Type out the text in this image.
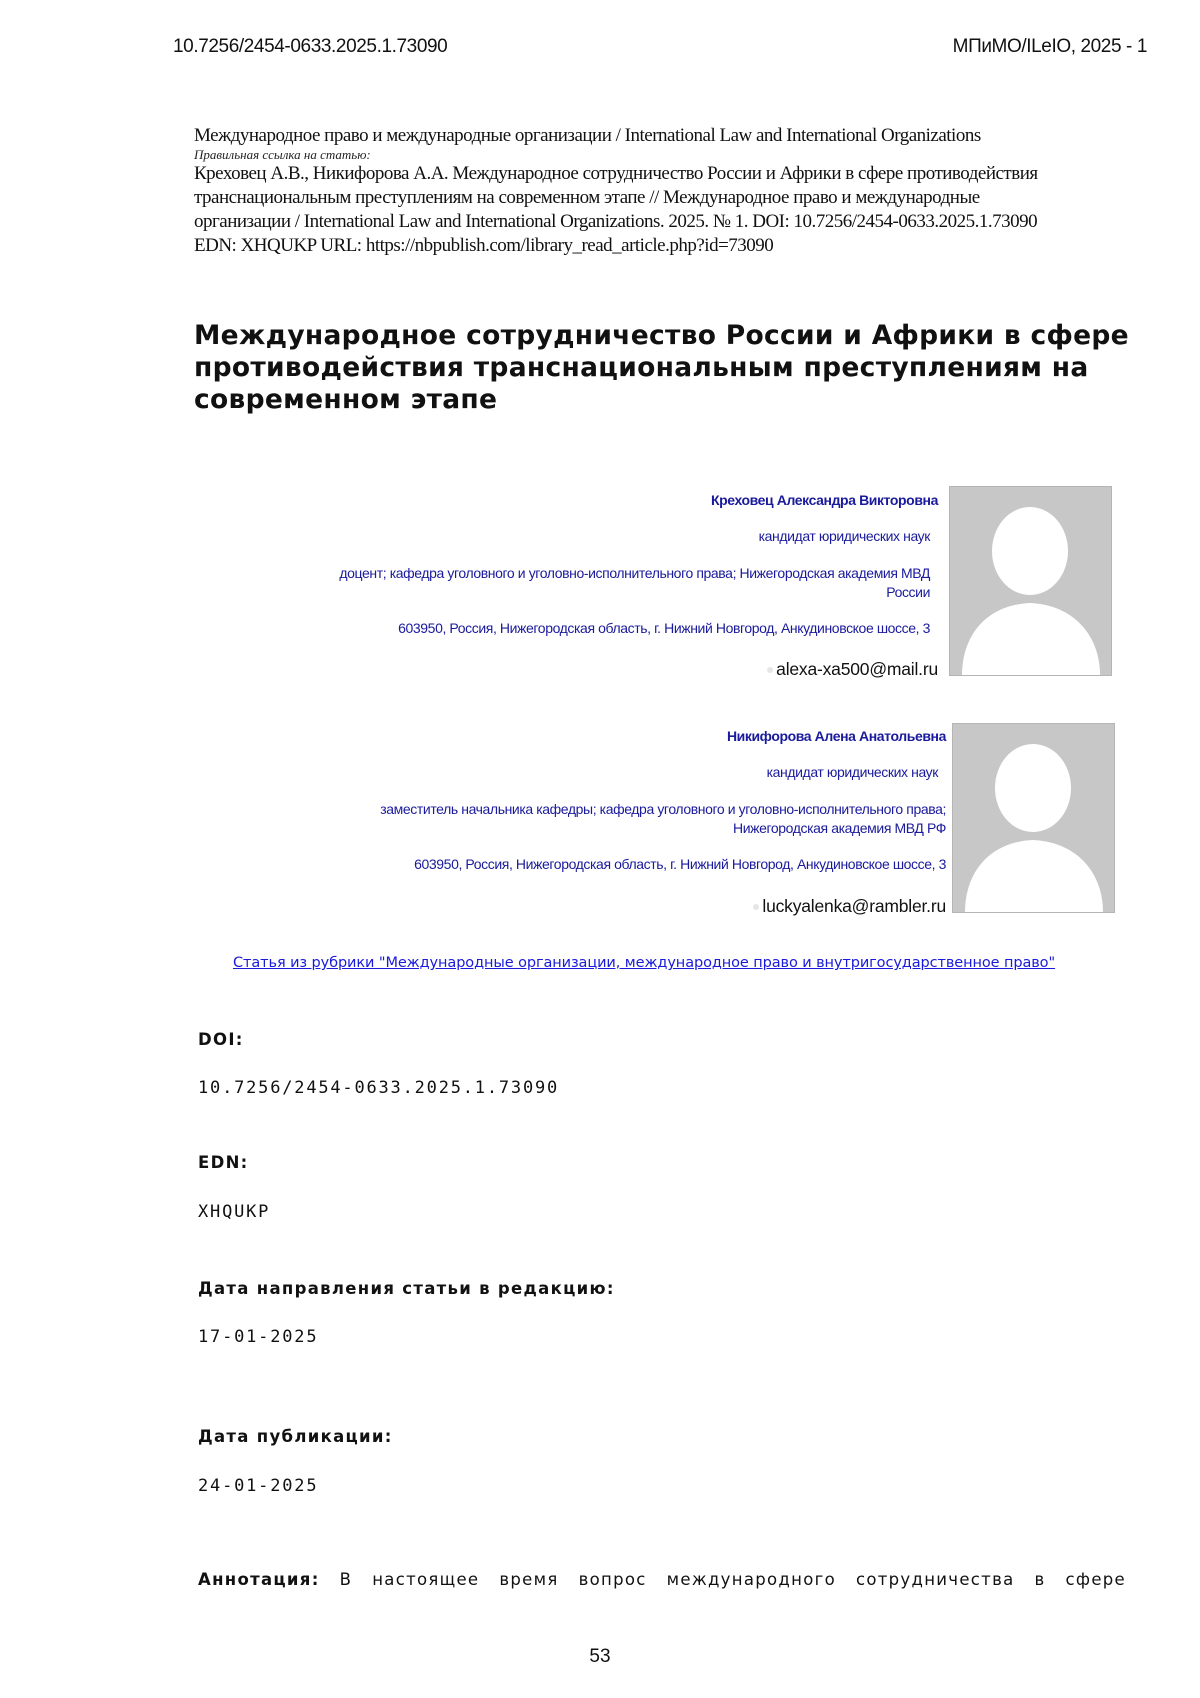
10.7256/2454-0633.2025.1.73090	МПиМО/ILeIO, 2025 - 1
Международное право и международные организации / International Law and International Organizations
Правильная ссылка на статью:
Креховец А.В., Никифорова А.А. Международное сотрудничество России и Африки в сфере противодействия
транснациональным преступлениям на современном этапе // Международное право и международные
организации / International Law and International Organizations. 2025. № 1. DOI: 10.7256/2454-0633.2025.1.73090
EDN: XHQUKP URL: https://nbpublish.com/library_read_article.php?id=73090
Международное сотрудничество России и Африки в сфере
противодействия транснациональным преступлениям на
современном этапе
Креховец Александра Викторовна
кандидат юридических наук
доцент; кафедра уголовного и уголовно-исполнительного права; Нижегородская академия МВД
России
603950, Россия, Нижегородская область, г. Нижний Новгород, Анкудиновское шоссе, 3
alexa-xa500@mail.ru
Никифорова Алена Анатольевна
кандидат юридических наук
заместитель начальника кафедры; кафедра уголовного и уголовно-исполнительного права;
Нижегородская академия МВД РФ
603950, Россия, Нижегородская область, г. Нижний Новгород, Анкудиновское шоссе, 3
luckyalenka@rambler.ru
Статья из рубрики "Международные организации, международное право и внутригосударственное право"
DOI:
10.7256/2454-0633.2025.1.73090
EDN:
XHQUKP
Дата направления статьи в редакцию:
17-01-2025
Дата публикации:
24-01-2025
Аннотация: В настоящее время вопрос международного сотрудничества в сфере
53
